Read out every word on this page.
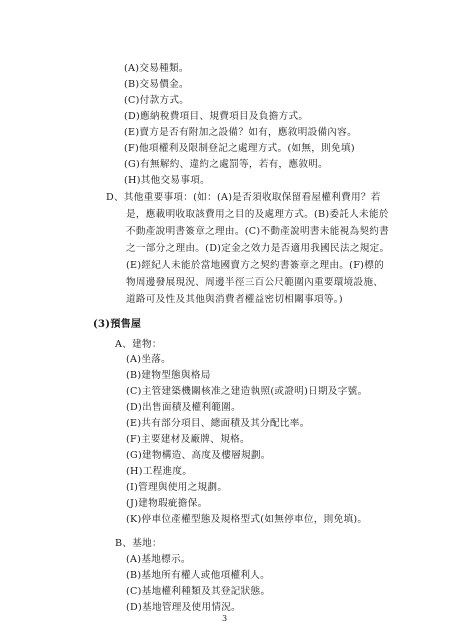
(A)交易種類。
(B)交易價金。
(C)付款方式。
(D)應納稅費項目、規費項目及負擔方式。
(E)賣方是否有附加之設備？如有，應敘明設備內容。
(F)他項權利及限制登記之處理方式。(如無，則免填)
(G)有無解約、違約之處罰等，若有，應敘明。
(H)其他交易事項。
D、其他重要事項：(如：(A)是否須收取保留看屋權利費用？若
是，應載明收取該費用之目的及處理方式。(B)委託人未能於
不動產說明書簽章之理由。(C)不動產說明書未能視為契約書
之一部分之理由。(D)定金之效力是否適用我國民法之規定。
(E)經紀人未能於當地國賣方之契約書簽章之理由。(F)標的
物周邊發展現況、周邊半徑三百公尺範圍內重要環境設施、
道路可及性及其他與消費者權益密切相關事項等。)
(3)預售屋
A、建物：
(A)坐落。
(B)建物型態與格局
(C)主管建築機關核准之建造執照(或證明)日期及字號。
(D)出售面積及權利範圍。
(E)共有部分項目、總面積及其分配比率。
(F)主要建材及廠牌、規格。
(G)建物構造、高度及樓層規劃。
(H)工程進度。
(I)管理與使用之規劃。
(J)建物瑕疵擔保。
(K)停車位產權型態及規格型式(如無停車位，則免填)。
B、基地：
(A)基地標示。
(B)基地所有權人或他項權利人。
(C)基地權利種類及其登記狀態。
(D)基地管理及使用情況。
3
